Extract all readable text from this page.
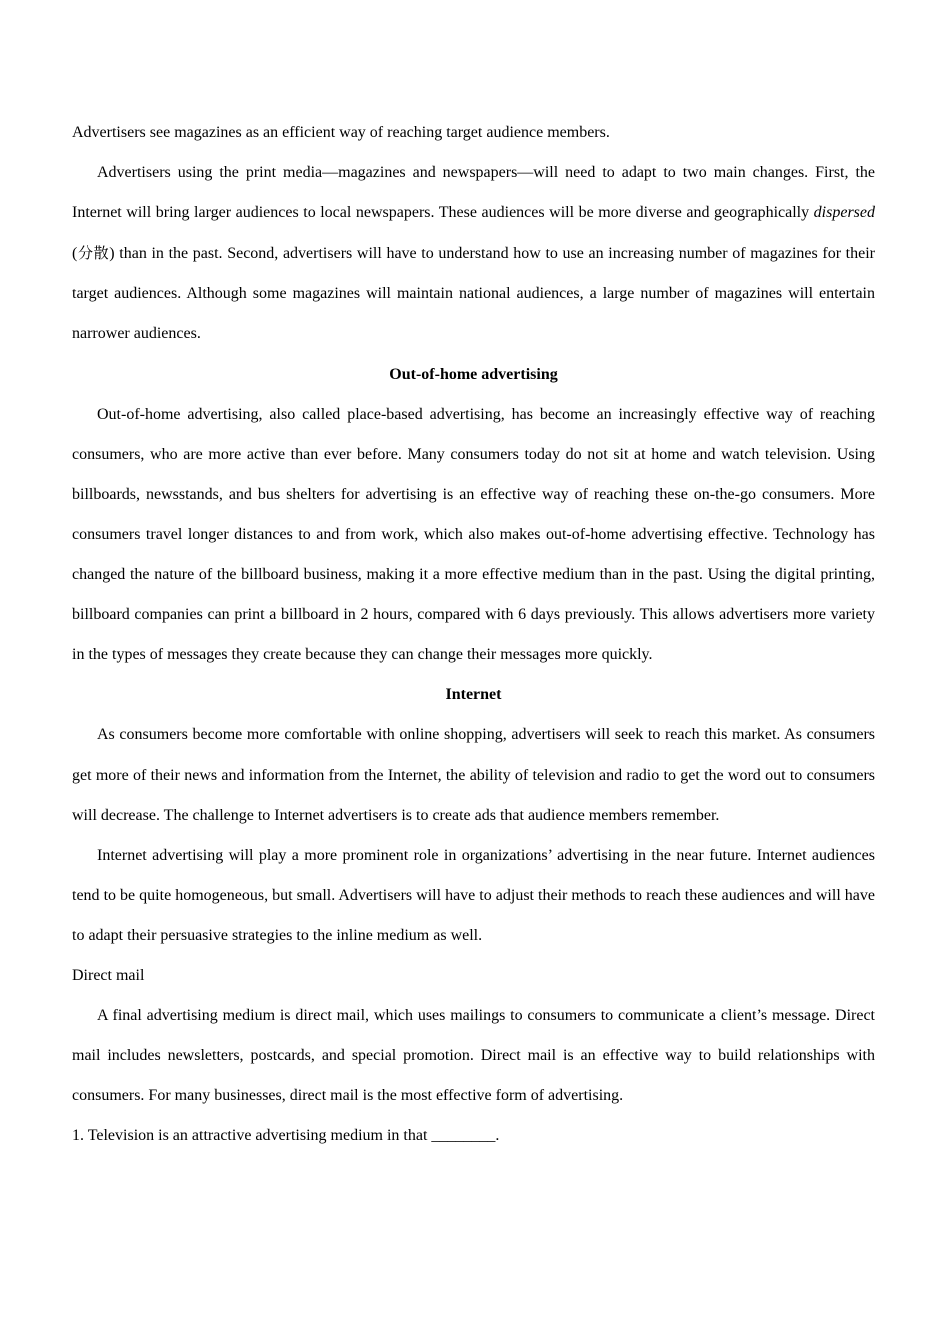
Advertisers see magazines as an efficient way of reaching target audience members.

Advertisers using the print media—magazines and newspapers—will need to adapt to two main changes. First, the Internet will bring larger audiences to local newspapers. These audiences will be more diverse and geographically dispersed (分散) than in the past. Second, advertisers will have to understand how to use an increasing number of magazines for their target audiences. Although some magazines will maintain national audiences, a large number of magazines will entertain narrower audiences.

Out-of-home advertising

Out-of-home advertising, also called place-based advertising, has become an increasingly effective way of reaching consumers, who are more active than ever before. Many consumers today do not sit at home and watch television. Using billboards, newsstands, and bus shelters for advertising is an effective way of reaching these on-the-go consumers. More consumers travel longer distances to and from work, which also makes out-of-home advertising effective. Technology has changed the nature of the billboard business, making it a more effective medium than in the past. Using the digital printing, billboard companies can print a billboard in 2 hours, compared with 6 days previously. This allows advertisers more variety in the types of messages they create because they can change their messages more quickly.

Internet

As consumers become more comfortable with online shopping, advertisers will seek to reach this market. As consumers get more of their news and information from the Internet, the ability of television and radio to get the word out to consumers will decrease. The challenge to Internet advertisers is to create ads that audience members remember.

Internet advertising will play a more prominent role in organizations’ advertising in the near future. Internet audiences tend to be quite homogeneous, but small. Advertisers will have to adjust their methods to reach these audiences and will have to adapt their persuasive strategies to the inline medium as well.

Direct mail

A final advertising medium is direct mail, which uses mailings to consumers to communicate a client’s message. Direct mail includes newsletters, postcards, and special promotion. Direct mail is an effective way to build relationships with consumers. For many businesses, direct mail is the most effective form of advertising.

1. Television is an attractive advertising medium in that ________.
